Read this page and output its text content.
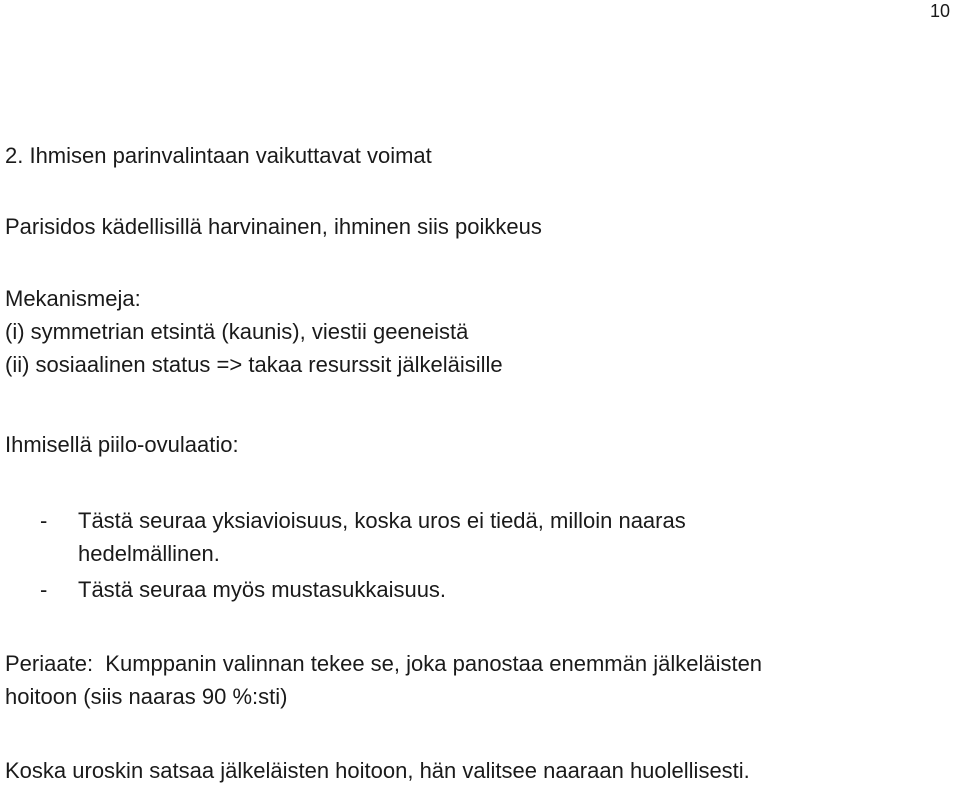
10
2. Ihmisen parinvalintaan vaikuttavat voimat
Parisidos kädellisillä harvinainen, ihminen siis poikkeus
Mekanismeja:
(i) symmetrian etsintä (kaunis), viestii geeneistä
(ii) sosiaalinen status => takaa resurssit jälkeläisille
Ihmisellä piilo-ovulaatio:
- Tästä seuraa yksiavioisuus, koska uros ei tiedä, milloin naaras
hedelmällinen.
- Tästä seuraa myös mustasukkaisuus.
Periaate:  Kumppanin valinnan tekee se, joka panostaa enemmän jälkeläisten
hoitoon (siis naaras 90 %:sti)
Koska uroskin satsaa jälkeläisten hoitoon, hän valitsee naaraan huolellisesti.
